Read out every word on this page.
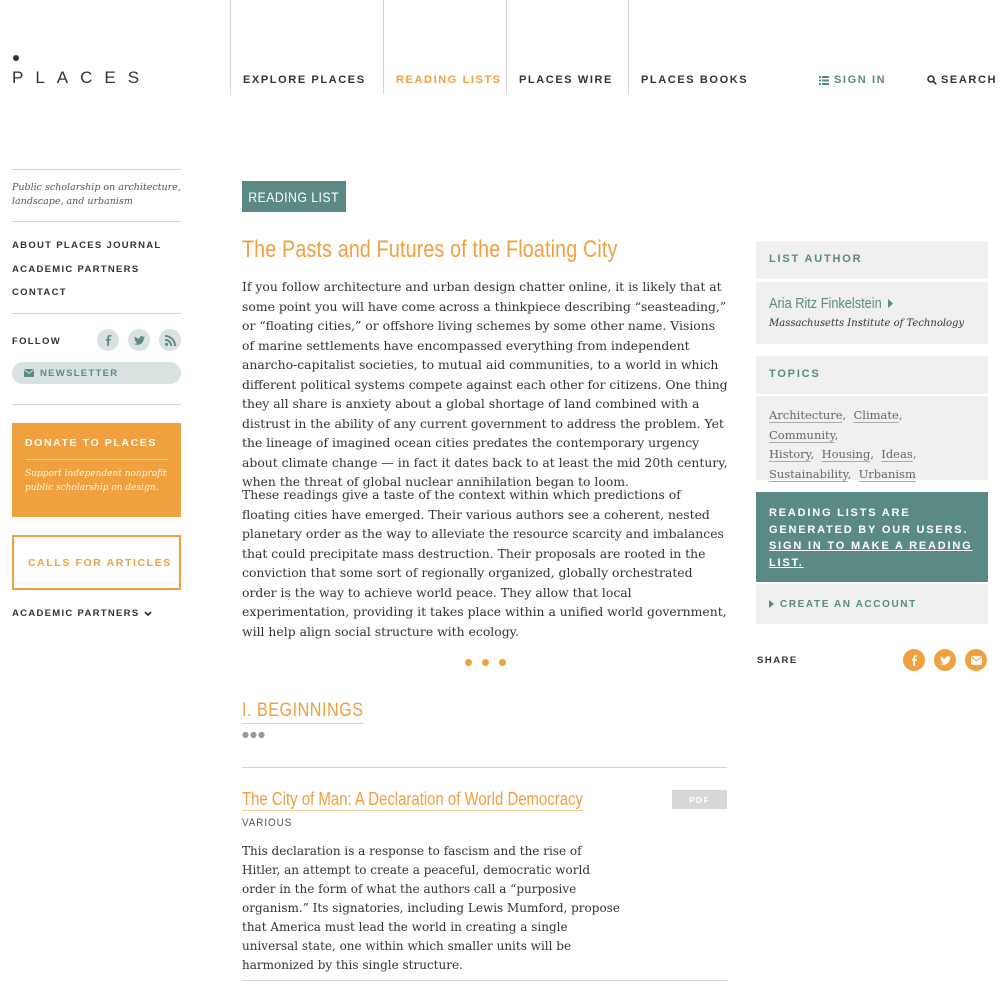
PLACES	EXPLORE PLACES	READING LISTS PLACES WIRE	PLACES BOOKS	SIGN IN	SEARCH
Public scholarship on architecture, landscape, and urbanism
ABOUT PLACES JOURNAL
ACADEMIC PARTNERS
CONTACT
FOLLOW
NEWSLETTER
DONATE TO PLACES
Support independent nonprofit public scholarship on design.
CALLS FOR ARTICLES
ACADEMIC PARTNERS
READING LIST
The Pasts and Futures of the Floating City
If you follow architecture and urban design chatter online, it is likely that at some point you will have come across a thinkpiece describing “seasteading,” or “floating cities,” or offshore living schemes by some other name. Visions of marine settlements have encompassed everything from independent anarcho-capitalist societies, to mutual aid communities, to a world in which different political systems compete against each other for citizens. One thing they all share is anxiety about a global shortage of land combined with a distrust in the ability of any current government to address the problem. Yet the lineage of imagined ocean cities predates the contemporary urgency about climate change — in fact it dates back to at least the mid 20th century, when the threat of global nuclear annihilation began to loom.
These readings give a taste of the context within which predictions of floating cities have emerged. Their various authors see a coherent, nested planetary order as the way to alleviate the resource scarcity and imbalances that could precipitate mass destruction. Their proposals are rooted in the conviction that some sort of regionally organized, globally orchestrated order is the way to achieve world peace. They allow that local experimentation, providing it takes place within a unified world government, will help align social structure with ecology.
I. BEGINNINGS
●●●
The City of Man: A Declaration of World Democracy	PDF
VARIOUS
This declaration is a response to fascism and the rise of Hitler, an attempt to create a peaceful, democratic world order in the form of what the authors call a “purposive organism.” Its signatories, including Lewis Mumford, propose that America must lead the world in creating a single universal state, one within which smaller units will be harmonized by this single structure.
LIST AUTHOR
Aria Ritz Finkelstein
Massachusetts Institute of Technology
TOPICS
Architecture,  Climate,  Community,
History,  Housing,  Ideas,
Sustainability,  Urbanism
READING LISTS ARE GENERATED BY OUR USERS. SIGN IN TO MAKE A READING LIST.
CREATE AN ACCOUNT
SHARE
